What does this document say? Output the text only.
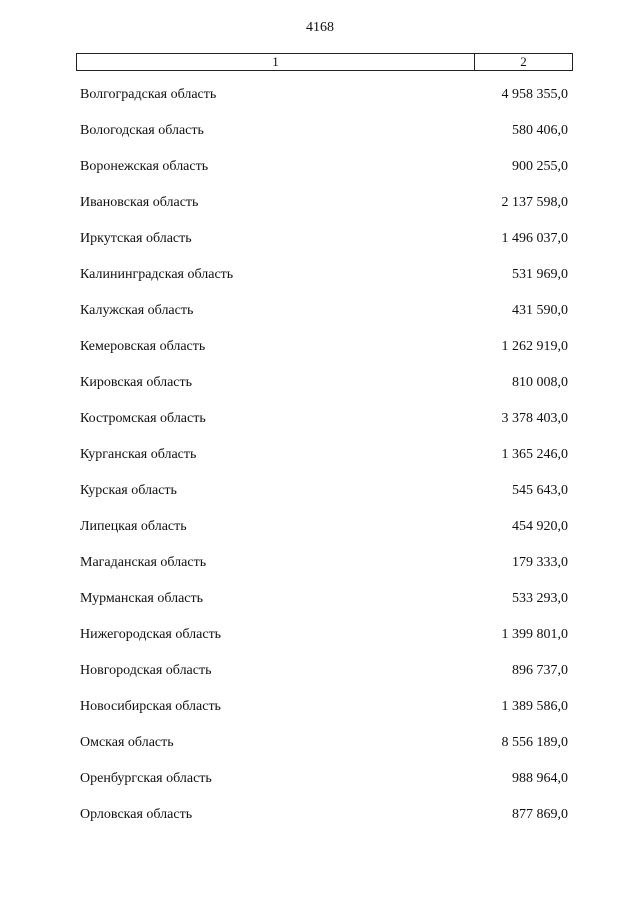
4168
1	2
Волгоградская область	4 958 355,0
Вологодская область	580 406,0
Воронежская область	900 255,0
Ивановская область	2 137 598,0
Иркутская область	1 496 037,0
Калининградская область	531 969,0
Калужская область	431 590,0
Кемеровская область	1 262 919,0
Кировская область	810 008,0
Костромская область	3 378 403,0
Курганская область	1 365 246,0
Курская область	545 643,0
Липецкая область	454 920,0
Магаданская область	179 333,0
Мурманская область	533 293,0
Нижегородская область	1 399 801,0
Новгородская область	896 737,0
Новосибирская область	1 389 586,0
Омская область	8 556 189,0
Оренбургская область	988 964,0
Орловская область	877 869,0
